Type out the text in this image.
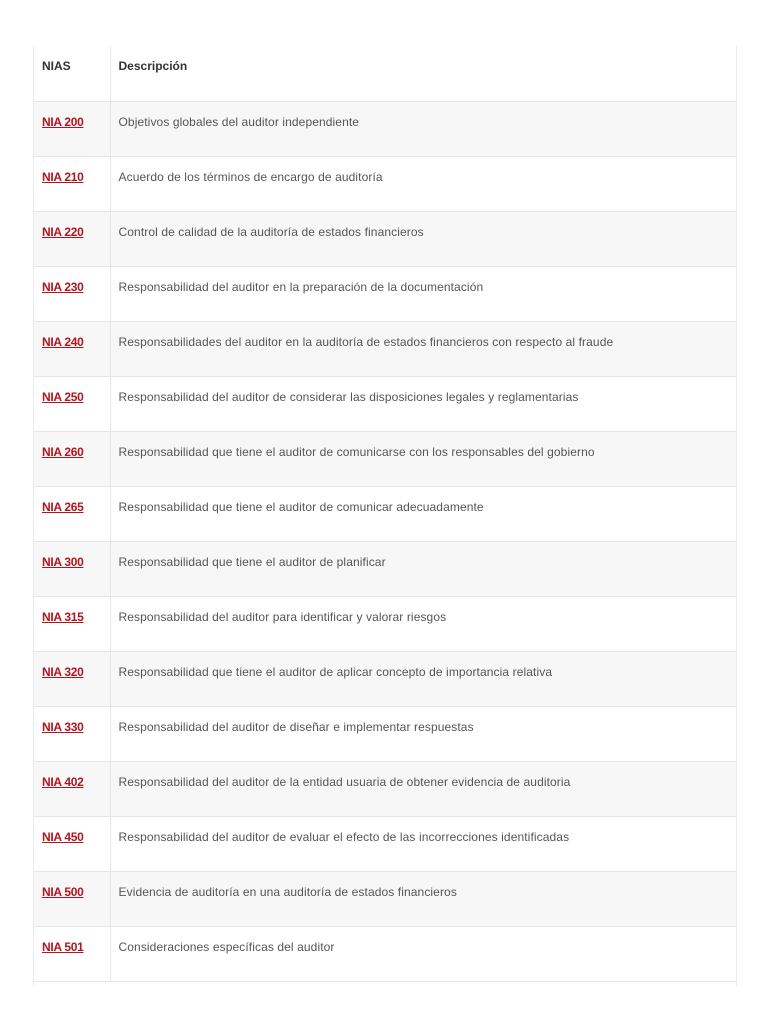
NIAS	Descripción
NIA 200	Objetivos globales del auditor independiente
NIA 210	Acuerdo de los términos de encargo de auditoría
NIA 220	Control de calidad de la auditoría de estados financieros
NIA 230	Responsabilidad del auditor en la preparación de la documentación
NIA 240	Responsabilidades del auditor en la auditoría de estados financieros con respecto al fraude
NIA 250	Responsabilidad del auditor de considerar las disposiciones legales y reglamentarias
NIA 260	Responsabilidad que tiene el auditor de comunicarse con los responsables del gobierno
NIA 265	Responsabilidad que tiene el auditor de comunicar adecuadamente
NIA 300	Responsabilidad que tiene el auditor de planificar
NIA 315	Responsabilidad del auditor para identificar y valorar riesgos
NIA 320	Responsabilidad que tiene el auditor de aplicar concepto de importancia relativa
NIA 330	Responsabilidad del auditor de diseñar e implementar respuestas
NIA 402	Responsabilidad del auditor de la entidad usuaria de obtener evidencia de auditoria
NIA 450	Responsabilidad del auditor de evaluar el efecto de las incorrecciones identificadas
NIA 500	Evidencia de auditoría en una auditoría de estados financieros
NIA 501	Consideraciones específicas del auditor
